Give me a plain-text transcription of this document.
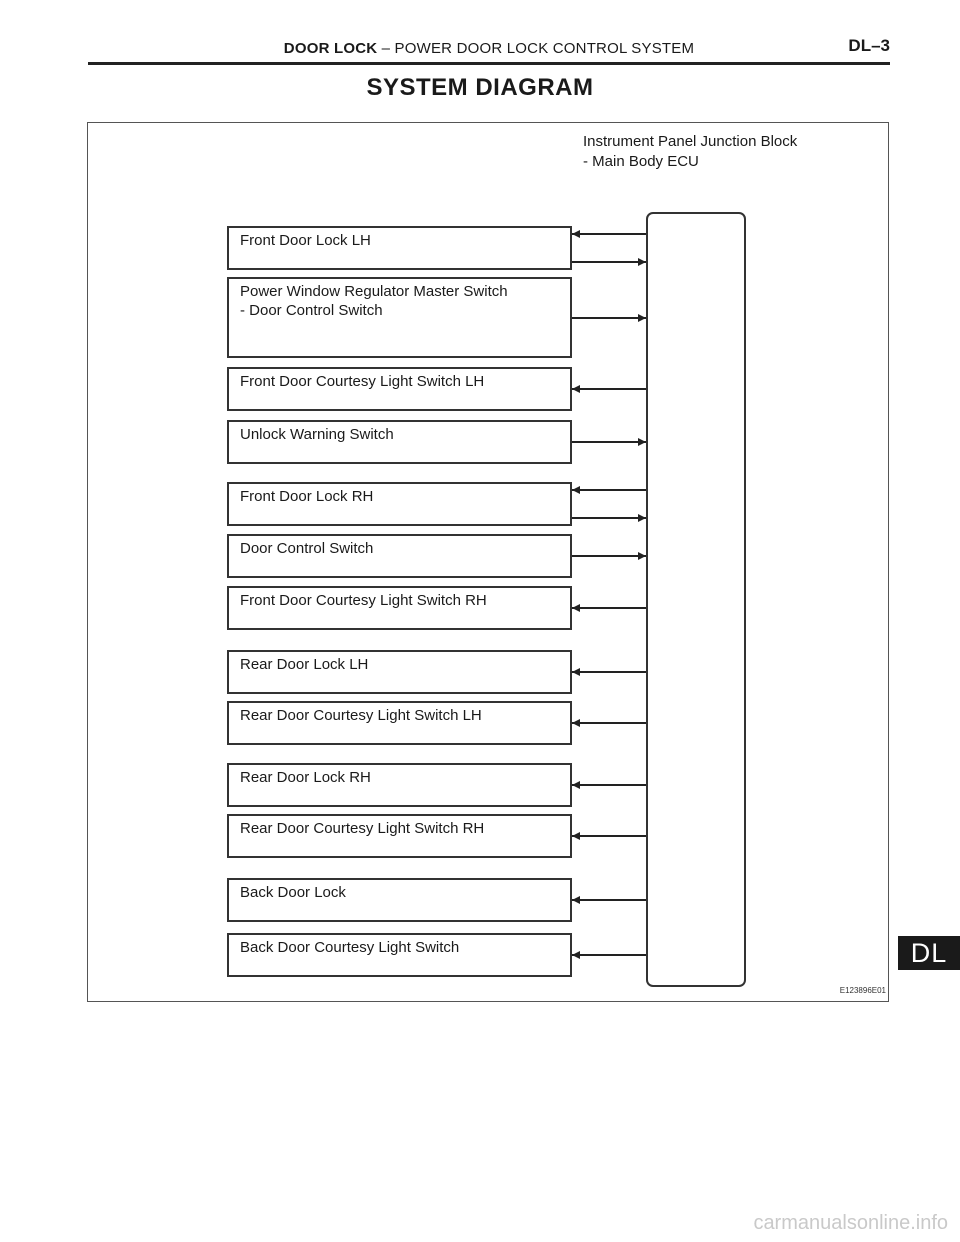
DOOR LOCK – POWER DOOR LOCK CONTROL SYSTEM	DL–3
SYSTEM DIAGRAM
Instrument Panel Junction Block
- Main Body ECU
Front Door Lock LH
Power Window Regulator Master Switch
- Door Control Switch
Front Door Courtesy Light Switch LH
Unlock Warning Switch
Front Door Lock RH
Door Control Switch
Front Door Courtesy Light Switch RH
Rear Door Lock LH
Rear Door Courtesy Light Switch LH
Rear Door Lock RH
Rear Door Courtesy Light Switch RH
Back Door Lock
Back Door Courtesy Light Switch
E123896E01
DL
carmanualsonline.info
